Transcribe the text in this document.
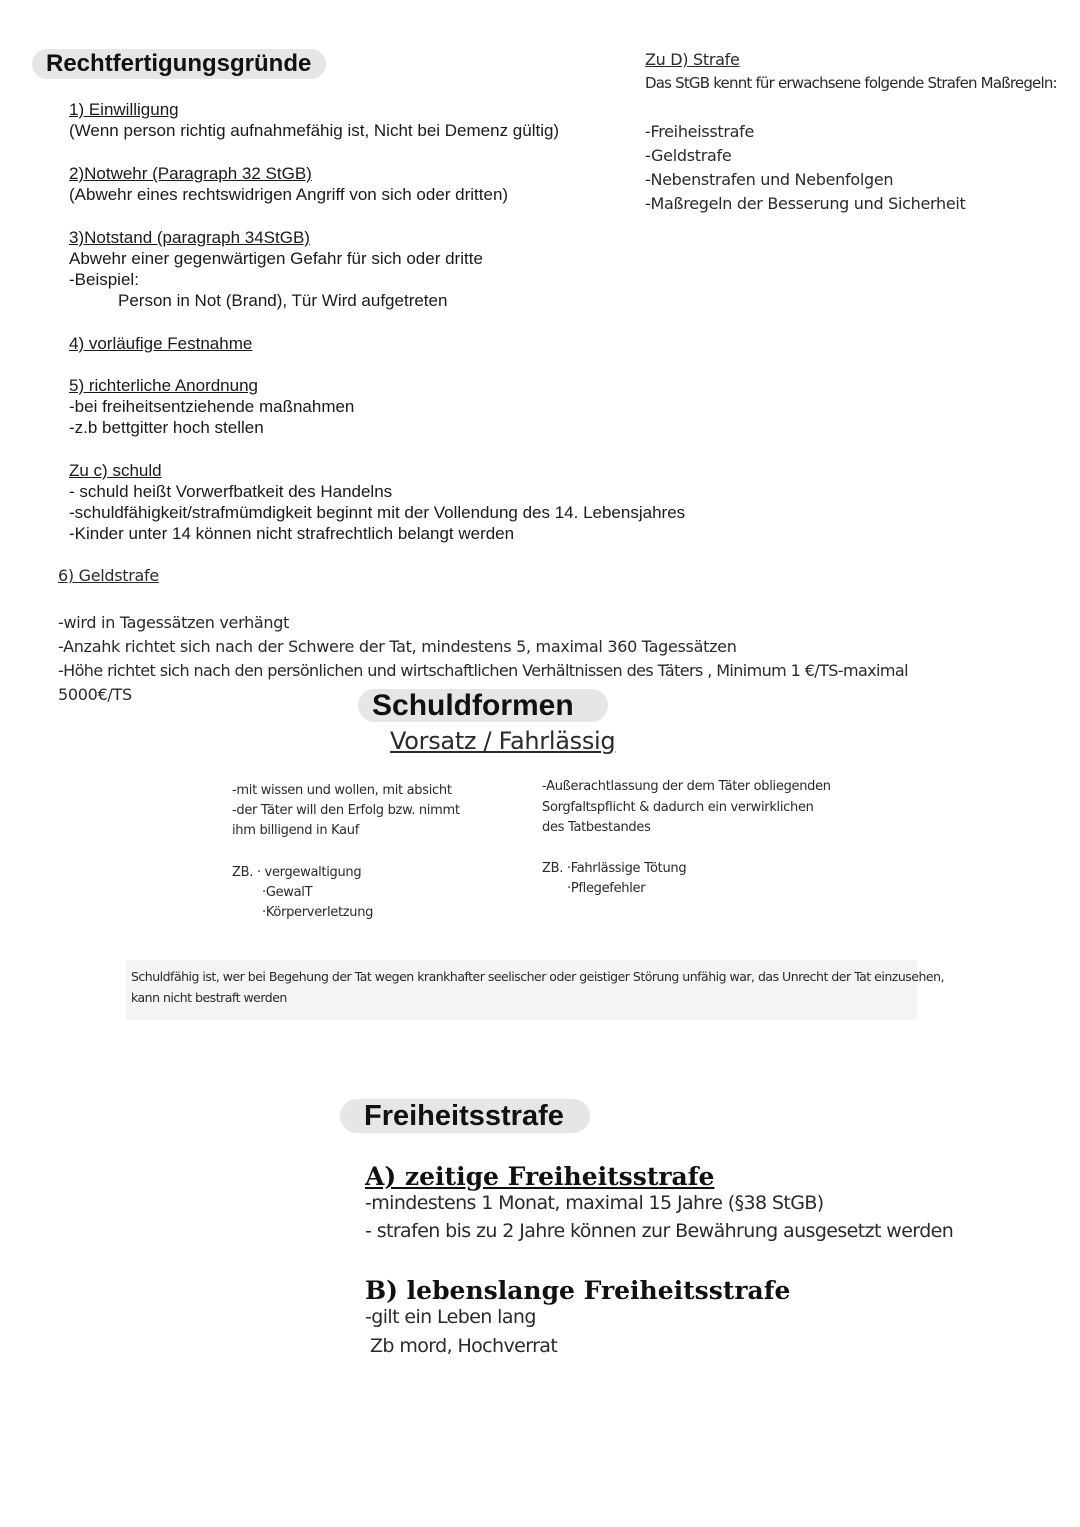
Rechtfertigungsgründe
1) Einwilligung
(Wenn person richtig aufnahmefähig ist, Nicht bei Demenz gültig)
2)Notwehr (Paragraph 32 StGB)
(Abwehr eines rechtswidrigen Angriff von sich oder dritten)
3)Notstand (paragraph 34StGB)
Abwehr einer gegenwärtigen Gefahr für sich oder dritte
-Beispiel:
Person in Not (Brand), Tür Wird aufgetreten
4) vorläufige Festnahme
5) richterliche Anordnung
-bei freiheitsentziehende maßnahmen
-z.b bettgitter hoch stellen
Zu c) schuld
- schuld heißt Vorwerfbatkeit des Handelns
-schuldfähigkeit/strafmümdigkeit beginnt mit der Vollendung des 14. Lebensjahres
-Kinder unter 14 können nicht strafrechtlich belangt werden
Zu D) Strafe
Das StGB kennt für erwachsene folgende Strafen Maßregeln:
-Freiheisstrafe
-Geldstrafe
-Nebenstrafen und Nebenfolgen
-Maßregeln der Besserung und Sicherheit
6) Geldstrafe
-wird in Tagessätzen verhängt
-Anzahk richtet sich nach der Schwere der Tat, mindestens 5, maximal 360 Tagessätzen
-Höhe richtet sich nach den persönlichen und wirtschaftlichen Verhältnissen des Täters , Minimum 1 €/TS-maximal
5000€/TS	Schuldformen
Vorsatz / Fahrlässig
-mit wissen und wollen, mit absicht
-der Täter will den Erfolg bzw. nimmt
ihm billigend in Kauf
ZB. · vergewaltigung
·GewalT
·Körperverletzung
-Außerachtlassung der dem Täter obliegenden
Sorgfaltspflicht & dadurch ein verwirklichen
des Tatbestandes
ZB. ·Fahrlässige Tötung
·Pflegefehler
Schuldfähig ist, wer bei Begehung der Tat wegen krankhafter seelischer oder geistiger Störung unfähig war, das Unrecht der Tat einzusehen,
kann nicht bestraft werden
Freiheitsstrafe
A) zeitige Freiheitsstrafe
-mindestens 1 Monat, maximal 15 Jahre (§38 StGB)
- strafen bis zu 2 Jahre können zur Bewährung ausgesetzt werden
B) lebenslange Freiheitsstrafe
-gilt ein Leben lang
Zb mord, Hochverrat
